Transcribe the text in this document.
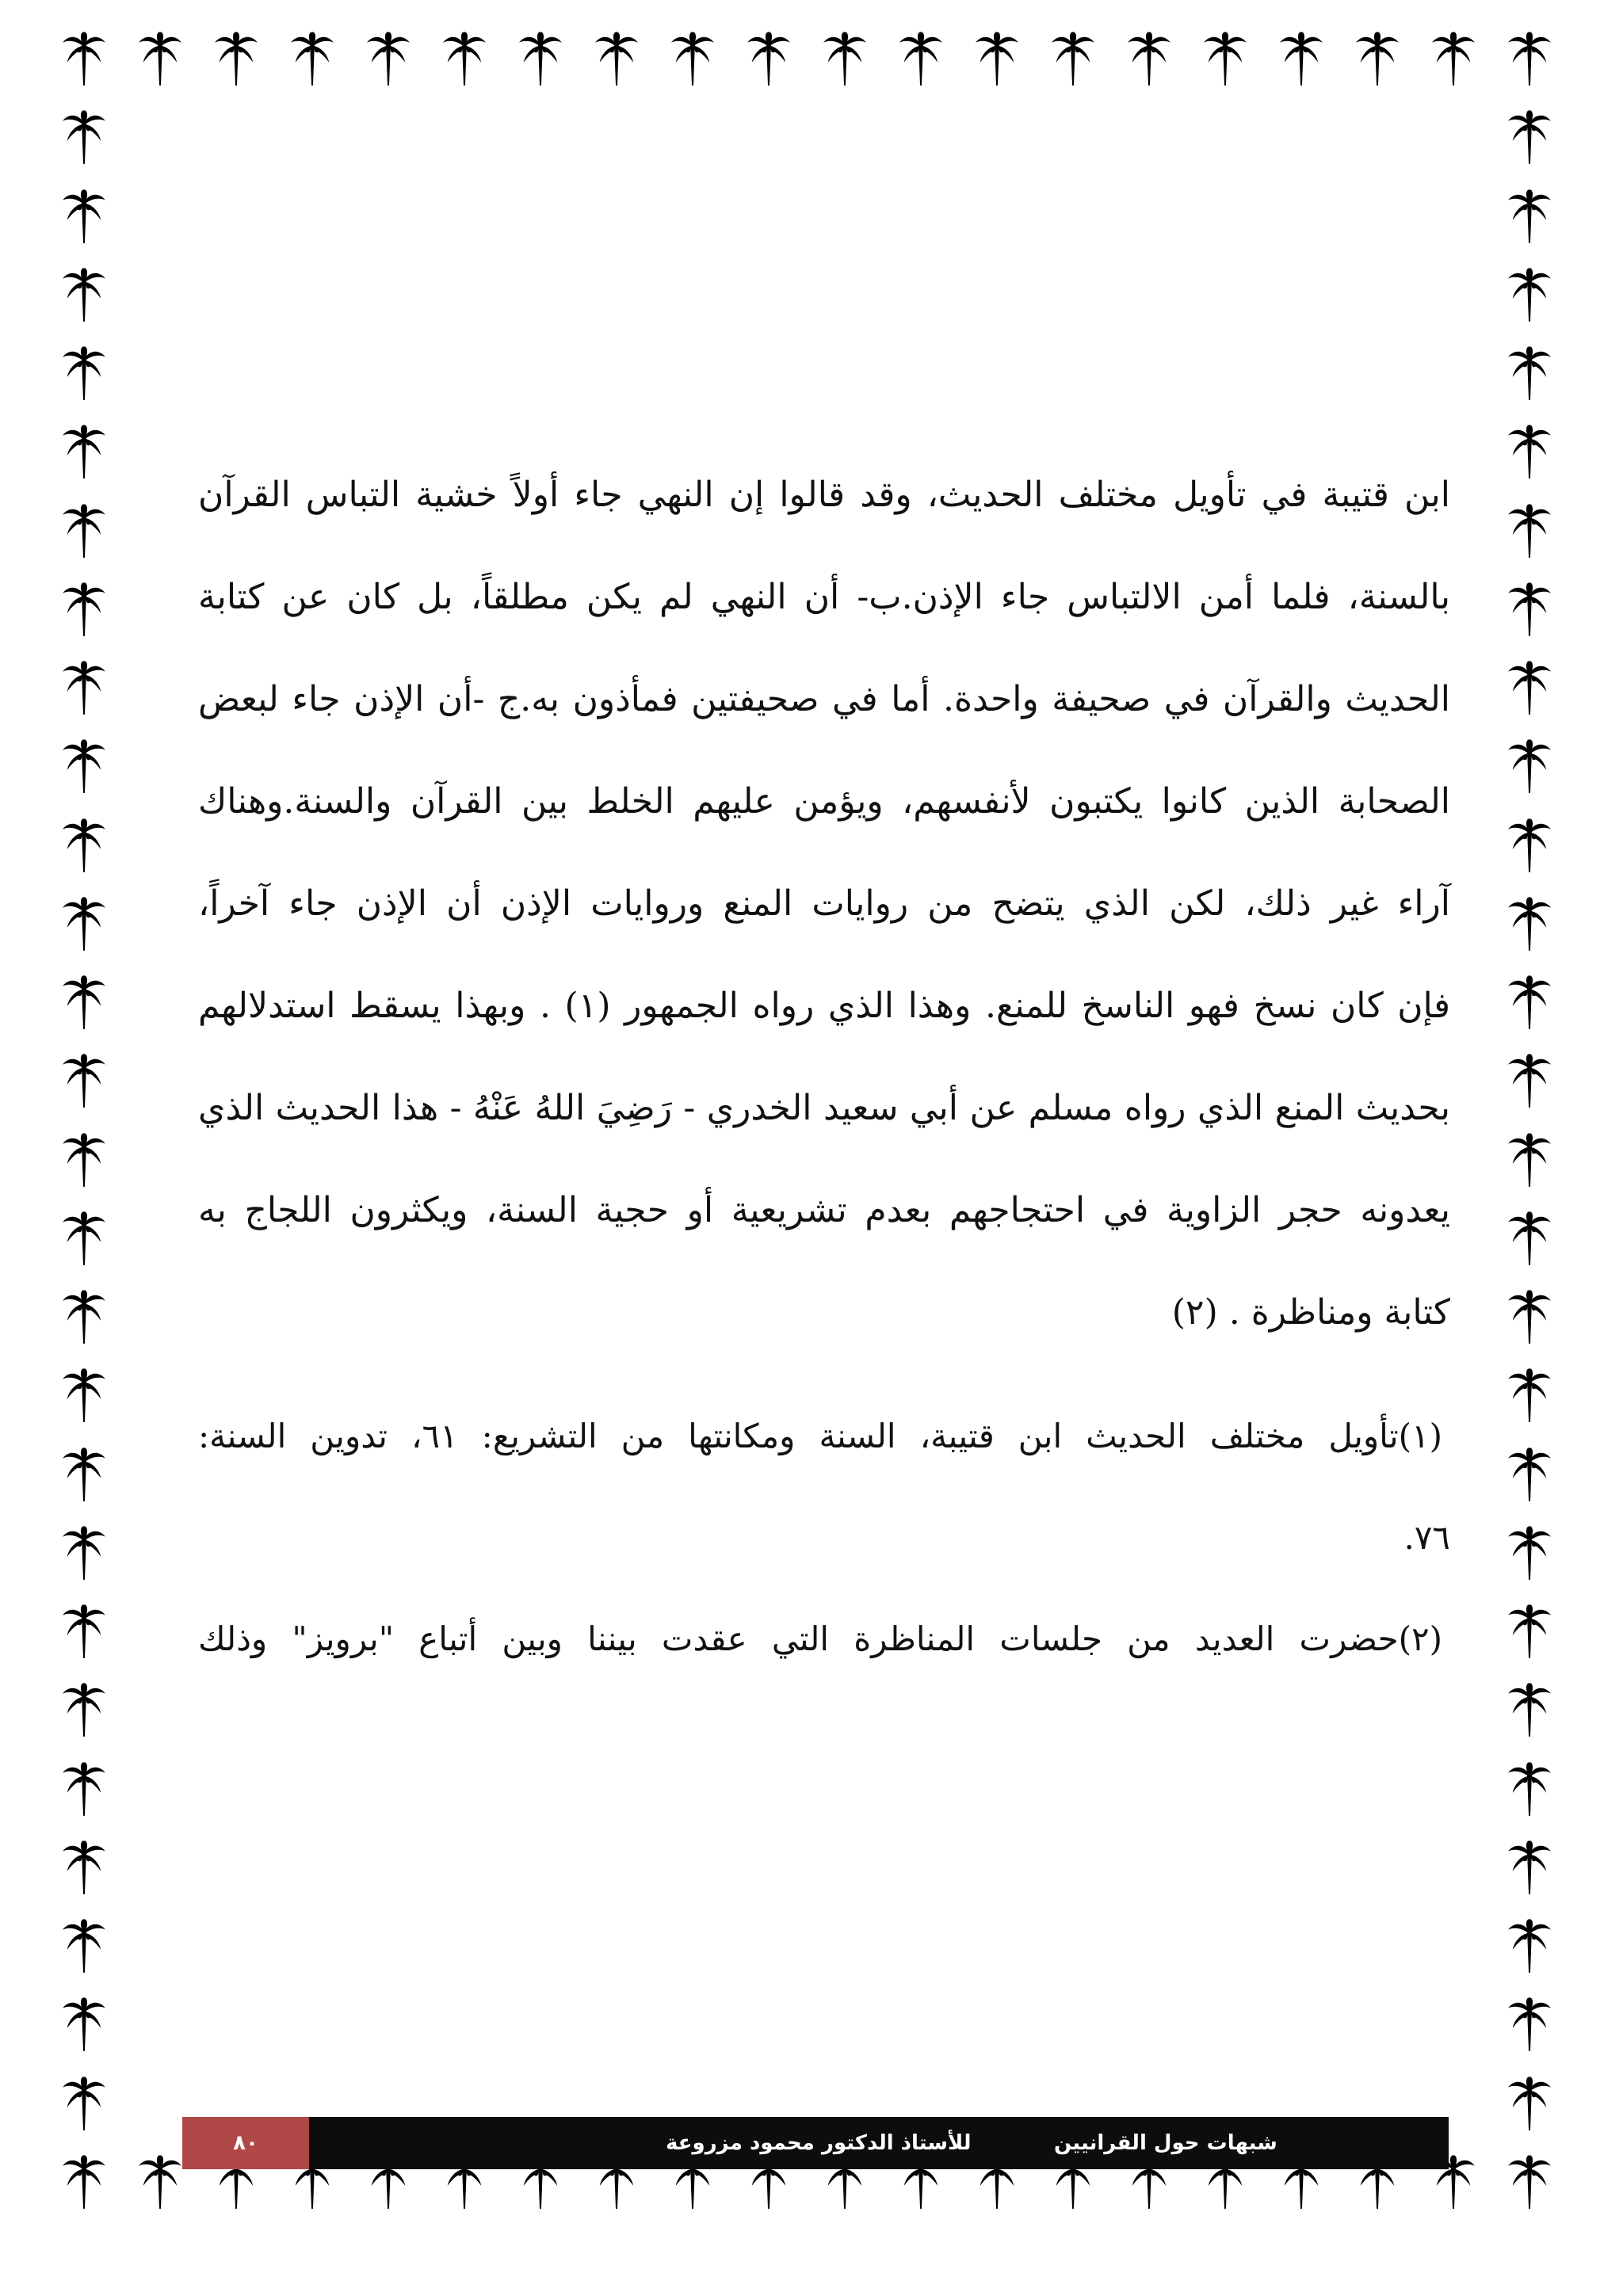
ابن قتيبة في تأويل مختلف الحديث، وقد قالوا إن النهي جاء أولاً خشية التباس القرآن

بالسنة، فلما أمن الالتباس جاء الإذن.ب- أن النهي لم يكن مطلقاً، بل كان عن كتابة

الحديث والقرآن في صحيفة واحدة. أما في صحيفتين فمأذون به.ج -أن الإذن جاء لبعض

الصحابة الذين كانوا يكتبون لأنفسهم، ويؤمن عليهم الخلط بين القرآن والسنة.وهناك

آراء غير ذلك، لكن الذي يتضح من روايات المنع وروايات الإذن أن الإذن جاء آخراً،

فإن كان نسخ فهو الناسخ للمنع. وهذا الذي رواه الجمهور (١) . وبهذا يسقط استدلالهم

بحديث المنع الذي رواه مسلم عن أبي سعيد الخدري - رَضِيَ اللهُ عَنْهُ - هذا الحديث الذي

يعدونه حجر الزاوية في احتجاجهم بعدم تشريعية أو حجية السنة، ويكثرون اللجاج به

كتابة ومناظرة . (٢)

(١)تأويل مختلف الحديث ابن قتيبة، السنة ومكانتها من التشريع: ٦١، تدوين السنة:

٧٦.

(٢)حضرت العديد من جلسات المناظرة التي عقدت بيننا وبين أتباع "برويز" وذلك

٨٠	للأستاذ الدكتور محمود مزروعة	شبهات حول القرانيين
